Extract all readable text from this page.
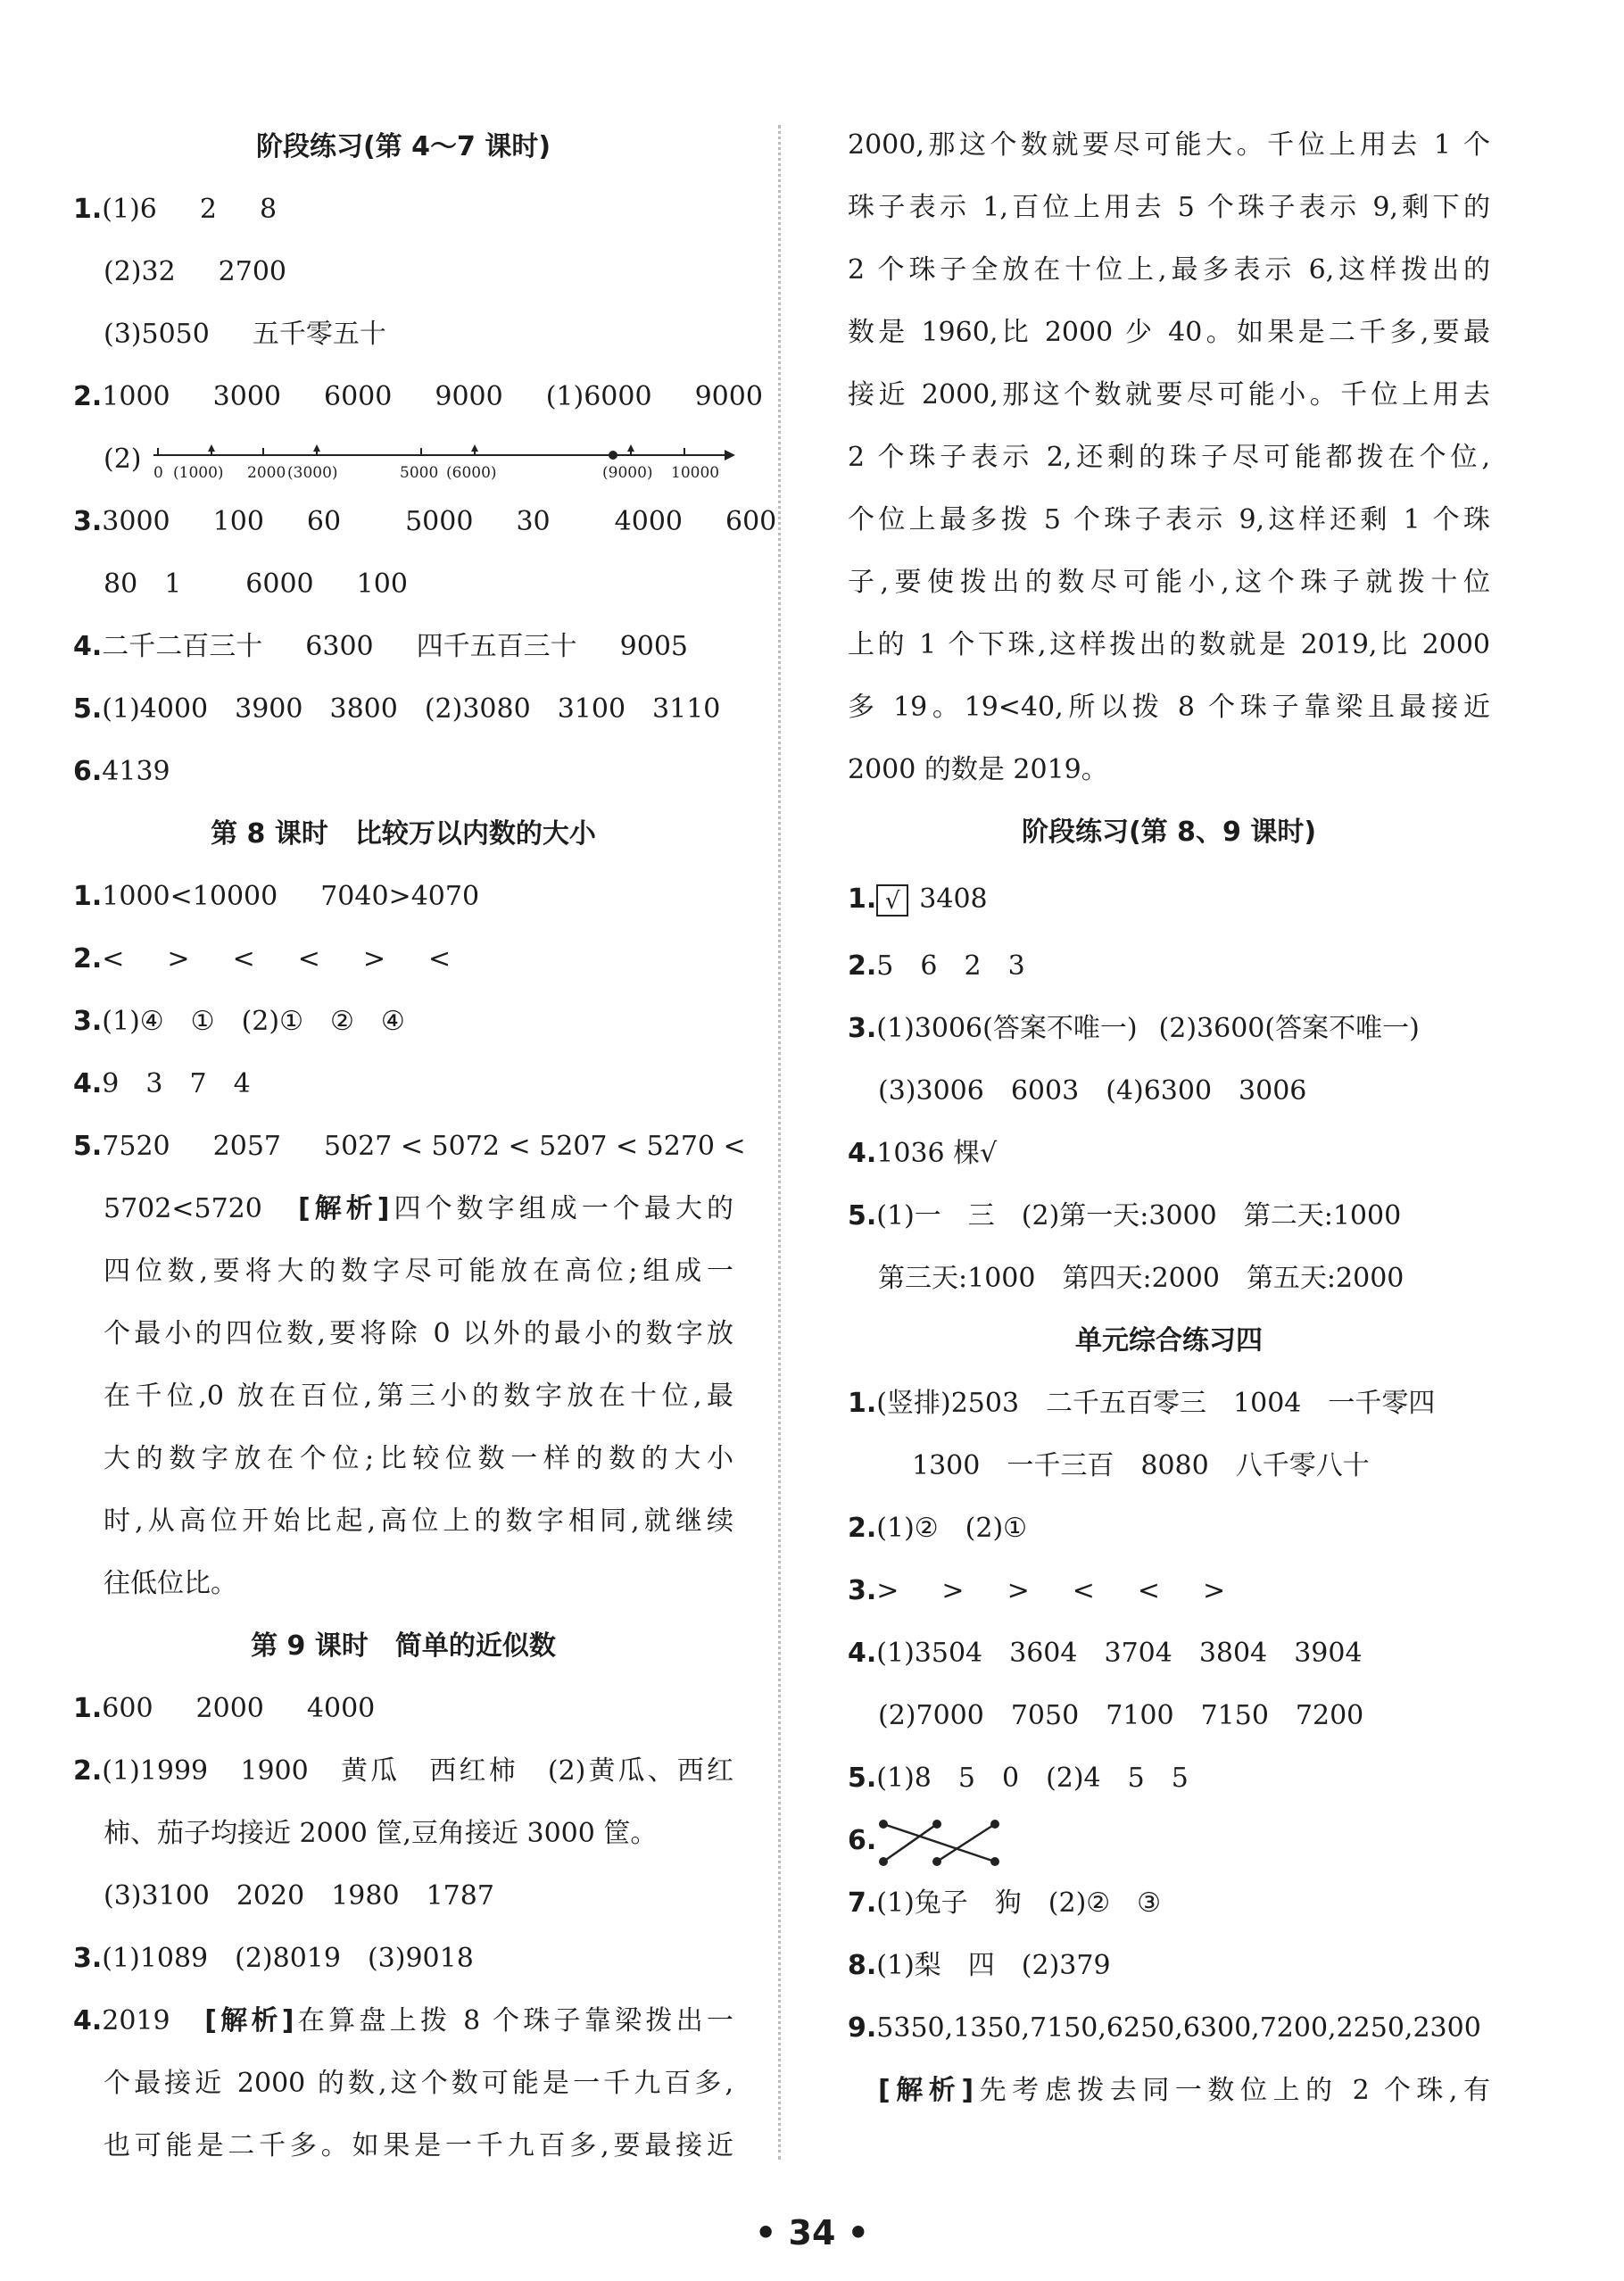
阶段练习(第 4～7 课时)
1.(1)6 2 8
(2)32 2700
(3)5050 五千零五十
2.1000 3000 6000 9000 (1)6000 9000
(2) 0 (1000) 2000 (3000)	5000 (6000)	(9000) 10000
3.3000 100 60 5000 30 4000 600
80 1 6000 100
4.二千二百三十 6300 四千五百三十 9005
5.(1)4000 3900 3800 (2)3080 3100 3110
6.4139
第 8 课时　比较万以内数的大小
1.1000<10000 7040>4070
2.< > < < > <
3.(1)④ ① (2)① ② ④
4.9 3 7 4
5.7520 2057 5027 < 5072 < 5207 < 5270 <
5702<5720　 [解析]四个数字组成一个最大的
四位数,要将大的数字尽可能放在高位;组成一
个最小的四位数,要将除 0 以外的最小的数字放
在千位,0 放在百位,第三小的数字放在十位,最
大的数字放在个位;比较位数一样的数的大小
时,从高位开始比起,高位上的数字相同,就继续
往低位比。
第 9 课时　简单的近似数
1.600 2000 4000
2.(1)1999　1900　黄瓜　西红柿　(2)黄瓜、西红
柿、茄子均接近 2000 筐,豆角接近 3000 筐。
(3)3100 2020 1980 1787
3.(1)1089 (2)8019 (3)9018
4.2019　 [解析]在算盘上拨 8 个珠子靠梁拨出一
个最接近 2000 的数,这个数可能是一千九百多,
也可能是二千多。如果是一千九百多,要最接近
2000,那这个数就要尽可能大。千位上用去 1 个
珠子表示 1,百位上用去 5 个珠子表示 9,剩下的
2 个珠子全放在十位上,最多表示 6,这样拨出的
数是 1960,比 2000 少 40。如果是二千多,要最
接近 2000,那这个数就要尽可能小。千位上用去
2 个珠子表示 2,还剩的珠子尽可能都拨在个位,
个位上最多拨 5 个珠子表示 9,这样还剩 1 个珠
子,要使拨出的数尽可能小,这个珠子就拨十位
上的 1 个下珠,这样拨出的数就是 2019,比 2000
多 19。19<40,所以拨 8 个珠子靠梁且最接近
2000 的数是 2019。
阶段练习(第 8、9 课时)
1. √ 3408
2.5 6 2 3
3.(1)3006(答案不唯一) (2)3600(答案不唯一)
(3)3006 6003 (4)6300 3006
4.1036 棵√
5.(1)一 三 (2)第一天:3000 第二天:1000
第三天:1000 第四天:2000 第五天:2000
单元综合练习四
1.(竖排)2503 二千五百零三 1004 一千零四
1300 一千三百 8080 八千零八十
2.(1)② (2)①
3.> > > < < >
4.(1)3504 3604 3704 3804 3904
(2)7000 7050 7100 7150 7200
5.(1)8 5 0 (2)4 5 5
6.
7.(1)兔子 狗 (2)② ③
8.(1)梨 四 (2)379
9.5350,1350,7150,6250,6300,7200,2250,2300
[解析]先考虑拨去同一数位上的 2 个珠,有
• 34 •
